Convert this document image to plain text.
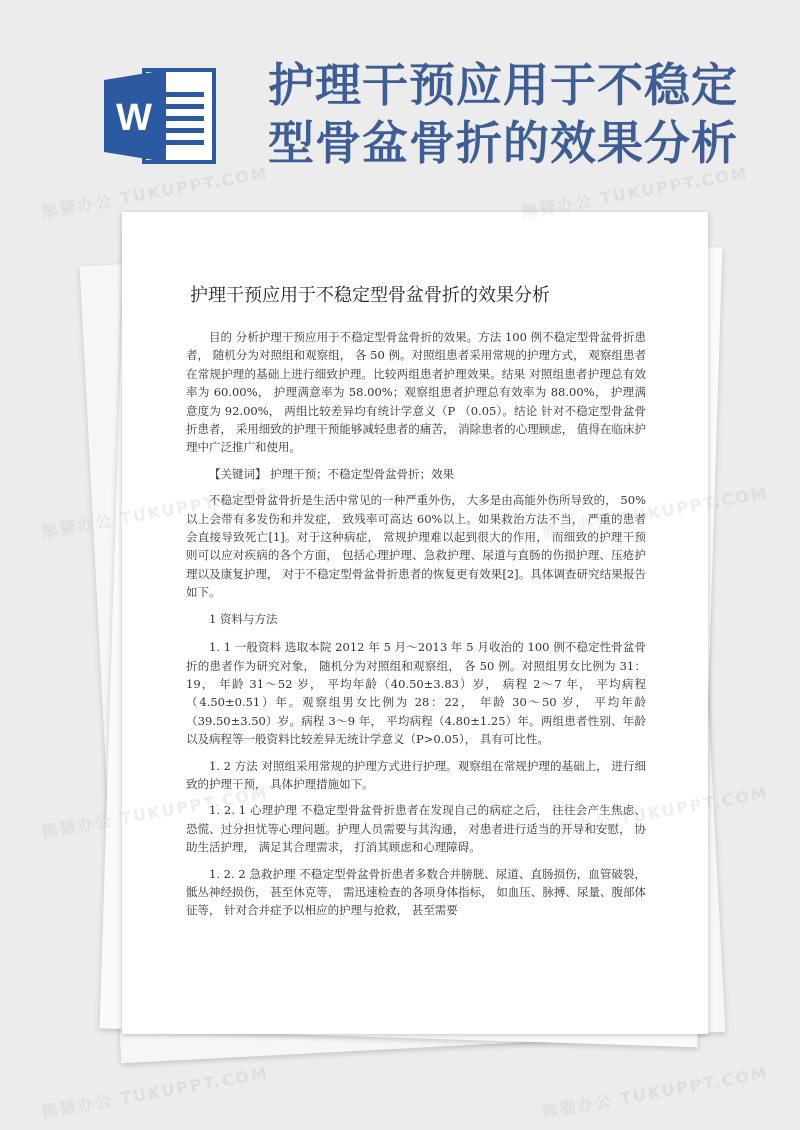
W
护理干预应用于不稳定
型骨盆骨折的效果分析
护理干预应用于不稳定型骨盆骨折的效果分析

目的 分析护理干预应用于不稳定型骨盆骨折的效果。方法 100 例不稳定型骨盆骨折患者， 随机分为对照组和观察组， 各 50 例。对照组患者采用常规的护理方式， 观察组患者在常规护理的基础上进行细致护理。比较两组患者护理效果。结果 对照组患者护理总有效率为 60.00%， 护理满意率为 58.00%；观察组患者护理总有效率为 88.00%， 护理满意度为 92.00%， 两组比较差异均有统计学意义（P （0.05）。结论 针对不稳定型骨盆骨折患者， 采用细致的护理干预能够减轻患者的痛苦， 消除患者的心理顾虑， 值得在临床护理中广泛推广和使用。

【关键词】 护理干预；不稳定型骨盆骨折；效果

不稳定型骨盆骨折是生活中常见的一种严重外伤， 大多是由高能外伤所导致的， 50%以上会带有多发伤和并发症， 致残率可高达 60%以上。如果救治方法不当， 严重的患者会直接导致死亡[1]。对于这种病症， 常规护理难以起到很大的作用， 而细致的护理干预则可以应对疾病的各个方面， 包括心理护理、急救护理、尿道与直肠的伤损护理、压疮护理以及康复护理， 对于不稳定型骨盆骨折患者的恢复更有效果[2]。具体调查研究结果报告如下。

1 资料与方法

1. 1 一般资料 选取本院 2012 年 5 月～2013 年 5 月收治的 100 例不稳定性骨盆骨折的患者作为研究对象， 随机分为对照组和观察组， 各 50 例。对照组男女比例为 31：19， 年龄 31～52 岁， 平均年龄（40.50±3.83）岁， 病程 2～7 年， 平均病程（4.50±0.51）年。观察组男女比例为 28：22， 年龄 30～50 岁， 平均年龄（39.50±3.50）岁。病程 3～9 年， 平均病程（4.80±1.25）年。两组患者性别、年龄以及病程等一般资料比较差异无统计学意义（P>0.05）， 具有可比性。

1. 2 方法 对照组采用常规的护理方式进行护理。观察组在常规护理的基础上， 进行细致的护理干预， 具体护理措施如下。

1. 2. 1 心理护理 不稳定型骨盆骨折患者在发现自己的病症之后， 往往会产生焦虑、恐慌、过分担忧等心理问题。护理人员需要与其沟通， 对患者进行适当的开导和安慰， 协助生活护理， 满足其合理需求， 打消其顾虑和心理障碍。

1. 2. 2 急救护理 不稳定型骨盆骨折患者多数合并膀胱、尿道、直肠损伤，血管破裂， 骶丛神经损伤， 甚至休克等， 需迅速检查的各项身体指标， 如血压、脉搏、尿量、腹部体征等， 针对合并症予以相应的护理与抢救， 甚至需要

熊猫办公 TUKUPPT.COM	熊猫办公 TUKUPPT.COM
熊猫办公
熊猫办公
熊猫办公 TUKUPPT.COM	熊猫办公 TUKUPPT.COM
